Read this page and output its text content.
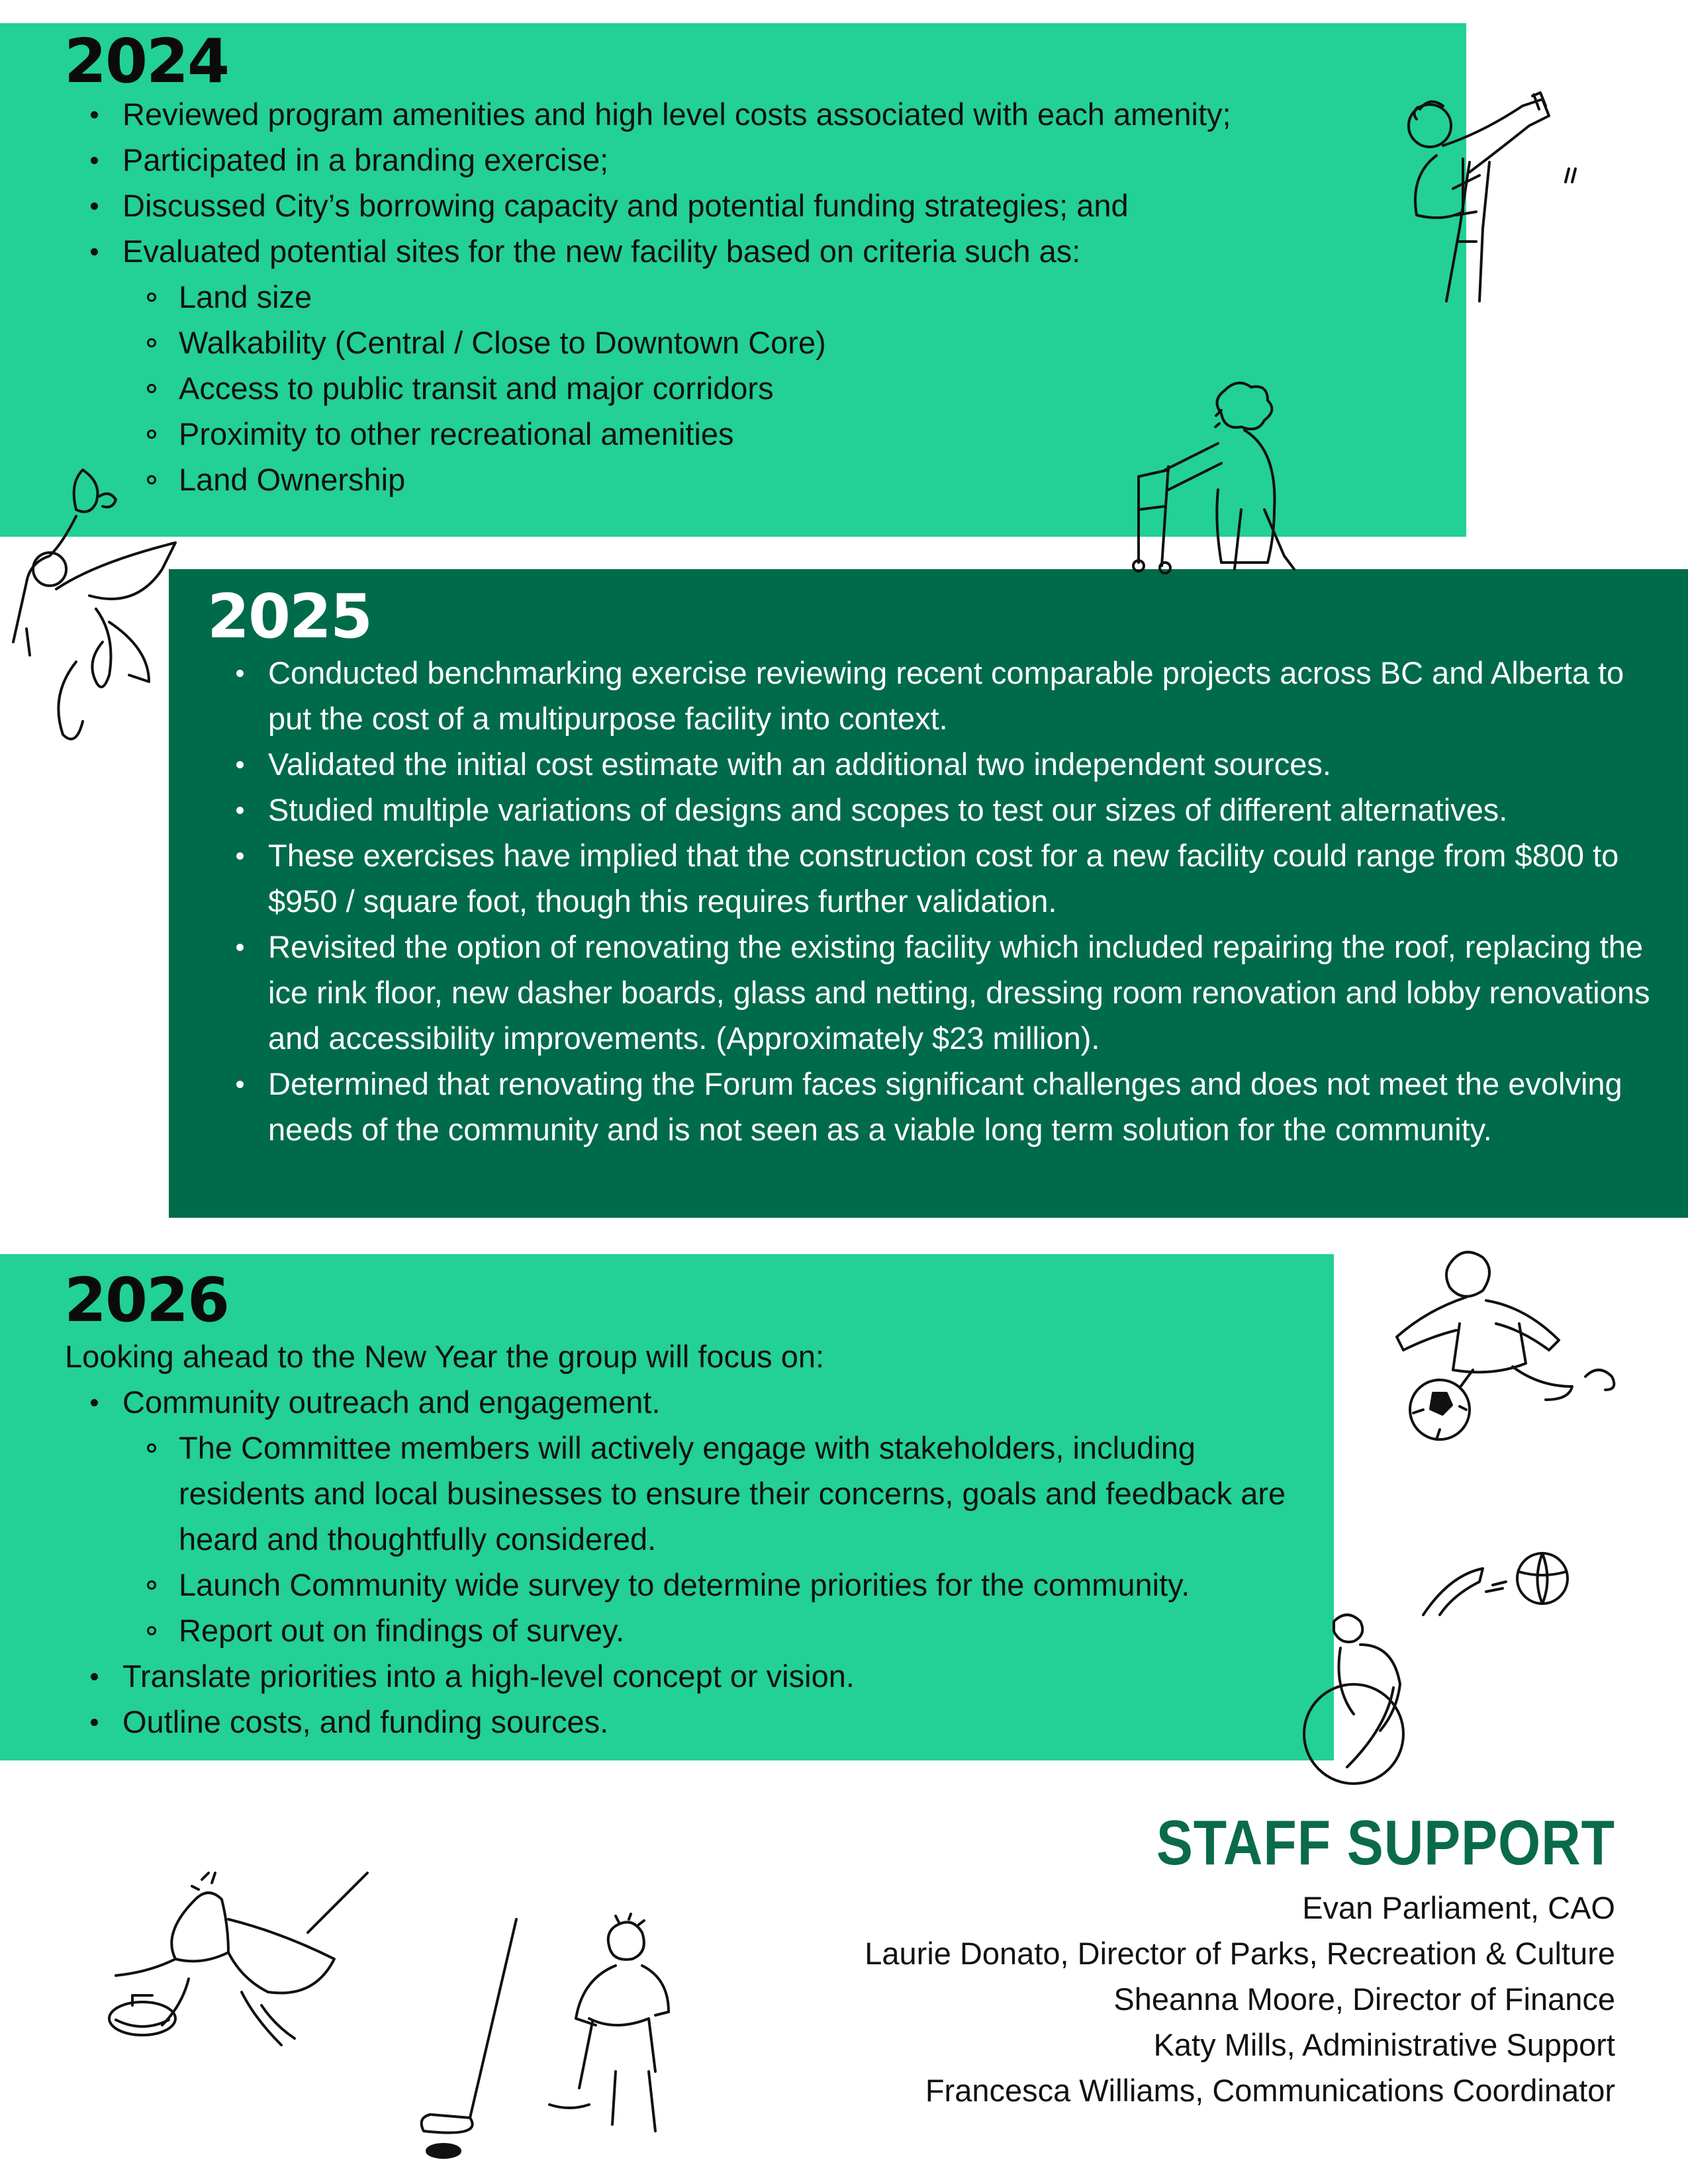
2024
Reviewed program amenities and high level costs associated with each amenity;
Participated in a branding exercise;
Discussed City’s borrowing capacity and potential funding strategies; and
Evaluated potential sites for the new facility based on criteria such as:
Land size
Walkability (Central / Close to Downtown Core)
Access to public transit and major corridors
Proximity to other recreational amenities
Land Ownership
2025
Conducted benchmarking exercise reviewing recent comparable projects across BC and Alberta to put the cost of a multipurpose facility into context.
Validated the initial cost estimate with an additional two independent sources.
Studied multiple variations of designs and scopes to test our sizes of different alternatives.
These exercises have implied that the construction cost for a new facility could range from $800 to $950 / square foot, though this requires further validation.
Revisited the option of renovating the existing facility which included repairing the roof, replacing the ice rink floor, new dasher boards, glass and netting, dressing room renovation and lobby renovations and accessibility improvements. (Approximately $23 million).
Determined that renovating the Forum faces significant challenges and does not meet the evolving needs of the community and is not seen as a viable long term solution for the community.
2026

Looking ahead to the New Year the group will focus on:

Community outreach and engagement.
The Committee members will actively engage with stakeholders, including residents and local businesses to ensure their concerns, goals and feedback are heard and thoughtfully considered.
Launch Community wide survey to determine priorities for the community.
Report out on findings of survey.
Translate priorities into a high-level concept or vision.
Outline costs, and funding sources.
STAFF SUPPORT
Evan Parliament, CAO
Laurie Donato, Director of Parks, Recreation & Culture
Sheanna Moore, Director of Finance
Katy Mills, Administrative Support
Francesca Williams, Communications Coordinator
